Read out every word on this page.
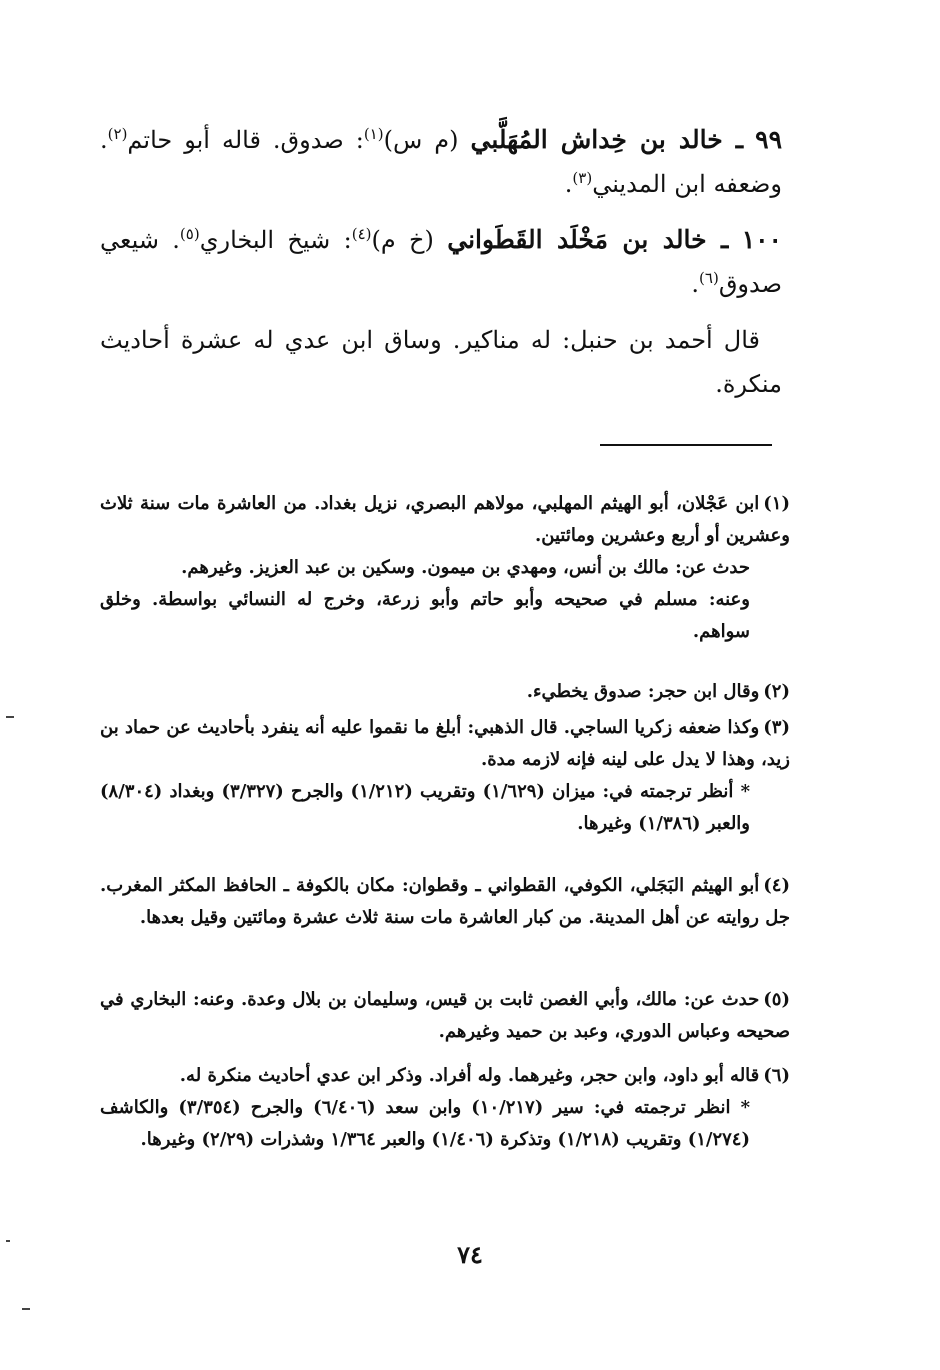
٩٩ ـ خالد بن خِداش المُهَلَّبي (م س)$^{(١)}$: صدوق. قاله أبو حاتم$^{(٢)}$. وضعفه ابن المديني$^{(٣)}$.

١٠٠ ـ خالد بن مَخْلَد القَطَواني (خ م)$^{(٤)}$: شيخ البخاري$^{(٥)}$. شيعي صدوق$^{(٦)}$.

قال أحمد بن حنبل: له مناكير. وساق ابن عدي له عشرة أحاديث منكرة.

(١)ابن عَجْلان، أبو الهيثم المهلبي، مولاهم البصري، نزيل بغداد. من العاشرة مات سنة ثلاث وعشرين أو أربع وعشرين ومائتين.
حدث عن: مالك بن أنس، ومهدي بن ميمون. وسكين بن عبد العزيز. وغيرهم.
وعنه: مسلم في صحيحه وأبو حاتم وأبو زرعة، وخرج له النسائي بواسطة. وخلق سواهم.
(٢)وقال ابن حجر: صدوق يخطيء.
(٣)وكذا ضعفه زكريا الساجي. قال الذهبي: أبلغ ما نقموا عليه أنه ينفرد بأحاديث عن حماد بن زيد، وهذا لا يدل على لينه فإنه لازمه مدة.
* أنظر ترجمته في: ميزان (١/٦٢٩) وتقريب (١/٢١٢) والجرح (٣/٣٢٧) وبغداد (٨/٣٠٤) والعبر (١/٣٨٦) وغيرها.
(٤)أبو الهيثم البَجَلي، الكوفي، القطواني ـ وقطوان: مكان بالكوفة ـ الحافظ المكثر المغرب. جل روايته عن أهل المدينة. من كبار العاشرة مات سنة ثلاث عشرة ومائتين وقيل بعدها.
(٥)حدث عن: مالك، وأبي الغصن ثابت بن قيس، وسليمان بن بلال وعدة. وعنه: البخاري في صحيحه وعباس الدوري، وعبد بن حميد وغيرهم.
(٦)قاله أبو داود، وابن حجر، وغيرهما. وله أفراد. وذكر ابن عدي أحاديث منكرة له.
* انظر ترجمته في: سير (١٠/٢١٧) وابن سعد (٦/٤٠٦) والجرح (٣/٣٥٤) والكاشف (١/٢٧٤) وتقريب (١/٢١٨) وتذكرة (١/٤٠٦) والعبر ١/٣٦٤ وشذرات (٢/٢٩) وغيرها.
٧٤
